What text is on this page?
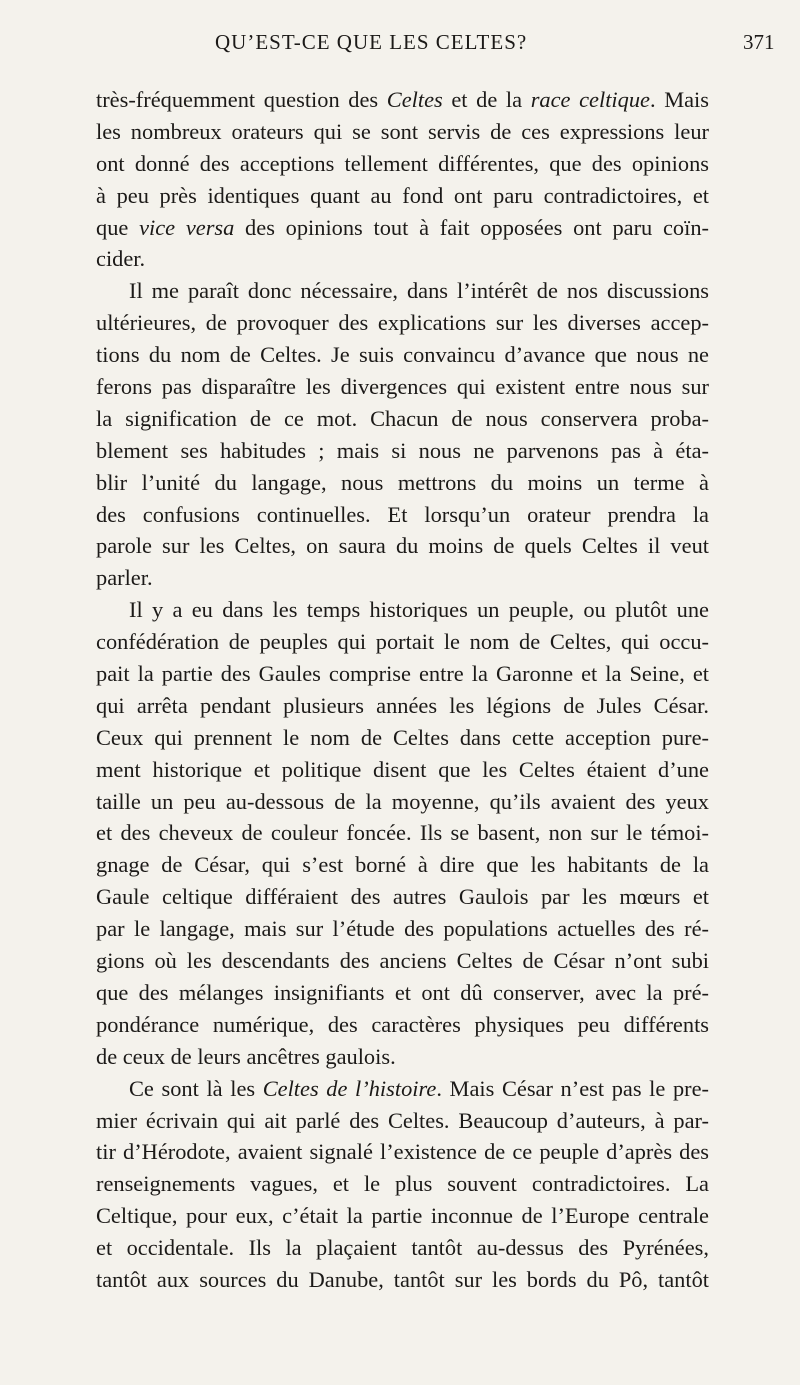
QU’EST-CE QUE LES CELTES?	371
très-fréquemment question des Celtes et de la race celtique. Mais
les nombreux orateurs qui se sont servis de ces expressions leur
ont donné des acceptions tellement différentes, que des opinions
à peu près identiques quant au fond ont paru contradictoires, et
que vice versa des opinions tout à fait opposées ont paru coïn-
cider.
Il me paraît donc nécessaire, dans l’intérêt de nos discussions
ultérieures, de provoquer des explications sur les diverses accep-
tions du nom de Celtes. Je suis convaincu d’avance que nous ne
ferons pas disparaître les divergences qui existent entre nous sur
la signification de ce mot. Chacun de nous conservera proba-
blement ses habitudes ; mais si nous ne parvenons pas à éta-
blir l’unité du langage, nous mettrons du moins un terme à
des confusions continuelles. Et lorsqu’un orateur prendra la
parole sur les Celtes, on saura du moins de quels Celtes il veut
parler.
Il y a eu dans les temps historiques un peuple, ou plutôt une
confédération de peuples qui portait le nom de Celtes, qui occu-
pait la partie des Gaules comprise entre la Garonne et la Seine, et
qui arrêta pendant plusieurs années les légions de Jules César.
Ceux qui prennent le nom de Celtes dans cette acception pure-
ment historique et politique disent que les Celtes étaient d’une
taille un peu au-dessous de la moyenne, qu’ils avaient des yeux
et des cheveux de couleur foncée. Ils se basent, non sur le témoi-
gnage de César, qui s’est borné à dire que les habitants de la
Gaule celtique différaient des autres Gaulois par les mœurs et
par le langage, mais sur l’étude des populations actuelles des ré-
gions où les descendants des anciens Celtes de César n’ont subi
que des mélanges insignifiants et ont dû conserver, avec la pré-
pondérance numérique, des caractères physiques peu différents
de ceux de leurs ancêtres gaulois.
Ce sont là les Celtes de l’histoire. Mais César n’est pas le pre-
mier écrivain qui ait parlé des Celtes. Beaucoup d’auteurs, à par-
tir d’Hérodote, avaient signalé l’existence de ce peuple d’après des
renseignements vagues, et le plus souvent contradictoires. La
Celtique, pour eux, c’était la partie inconnue de l’Europe centrale
et occidentale. Ils la plaçaient tantôt au-dessus des Pyrénées,
tantôt aux sources du Danube, tantôt sur les bords du Pô, tantôt
